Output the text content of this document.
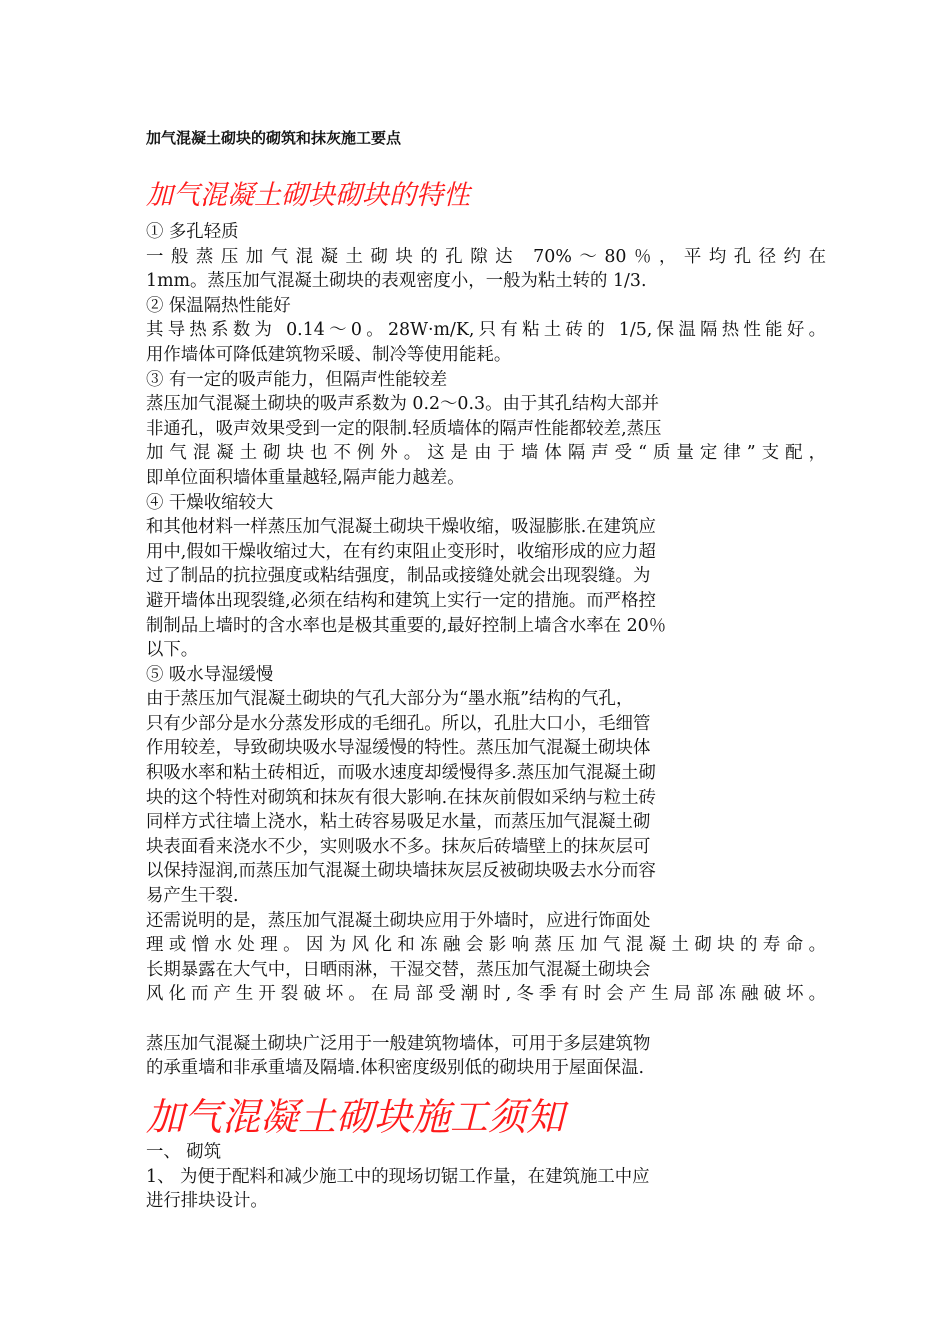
加气混凝土砌块的砌筑和抹灰施工要点
加气混凝土砌块砌块的特性
① 多孔轻质
一般蒸压加气混凝土砌块的孔隙达 70%～80％，平均孔径约在
1mm。蒸压加气混凝土砌块的表观密度小，一般为粘土转的 1/3.
② 保温隔热性能好
其导热系数为 0.14～0。28W·m/K,只有粘土砖的 1/5,保温隔热性能好。
用作墙体可降低建筑物采暖、制冷等使用能耗。
③ 有一定的吸声能力，但隔声性能较差
蒸压加气混凝土砌块的吸声系数为 0.2～0.3。由于其孔结构大部并
非通孔，吸声效果受到一定的限制.轻质墙体的隔声性能都较差,蒸压
加气混凝土砌块也不例外。这是由于墙体隔声受“质量定律”支配，
即单位面积墙体重量越轻,隔声能力越差。
④ 干燥收缩较大
和其他材料一样蒸压加气混凝土砌块干燥收缩，吸湿膨胀.在建筑应
用中,假如干燥收缩过大，在有约束阻止变形时，收缩形成的应力超
过了制品的抗拉强度或粘结强度，制品或接缝处就会出现裂缝。为
避开墙体出现裂缝,必须在结构和建筑上实行一定的措施。而严格控
制制品上墙时的含水率也是极其重要的,最好控制上墙含水率在 20％
以下。
⑤ 吸水导湿缓慢
由于蒸压加气混凝土砌块的气孔大部分为“墨水瓶”结构的气孔，
只有少部分是水分蒸发形成的毛细孔。所以，孔肚大口小，毛细管
作用较差，导致砌块吸水导湿缓慢的特性。蒸压加气混凝土砌块体
积吸水率和粘土砖相近，而吸水速度却缓慢得多.蒸压加气混凝土砌
块的这个特性对砌筑和抹灰有很大影响.在抹灰前假如采纳与粒土砖
同样方式往墙上浇水，粘土砖容易吸足水量，而蒸压加气混凝土砌
块表面看来浇水不少，实则吸水不多。抹灰后砖墙壁上的抹灰层可
以保持湿润,而蒸压加气混凝土砌块墙抹灰层反被砌块吸去水分而容
易产生干裂.
还需说明的是，蒸压加气混凝土砌块应用于外墙时，应进行饰面处
理或憎水处理。因为风化和冻融会影响蒸压加气混凝土砌块的寿命。
长期暴露在大气中，日晒雨淋，干湿交替，蒸压加气混凝土砌块会
风化而产生开裂破坏。在局部受潮时,冬季有时会产生局部冻融破坏。
蒸压加气混凝土砌块广泛用于一般建筑物墙体，可用于多层建筑物
的承重墙和非承重墙及隔墙.体积密度级别低的砌块用于屋面保温.
加气混凝土砌块施工须知
一、 砌筑
1、 为便于配料和减少施工中的现场切锯工作量，在建筑施工中应
进行排块设计。
